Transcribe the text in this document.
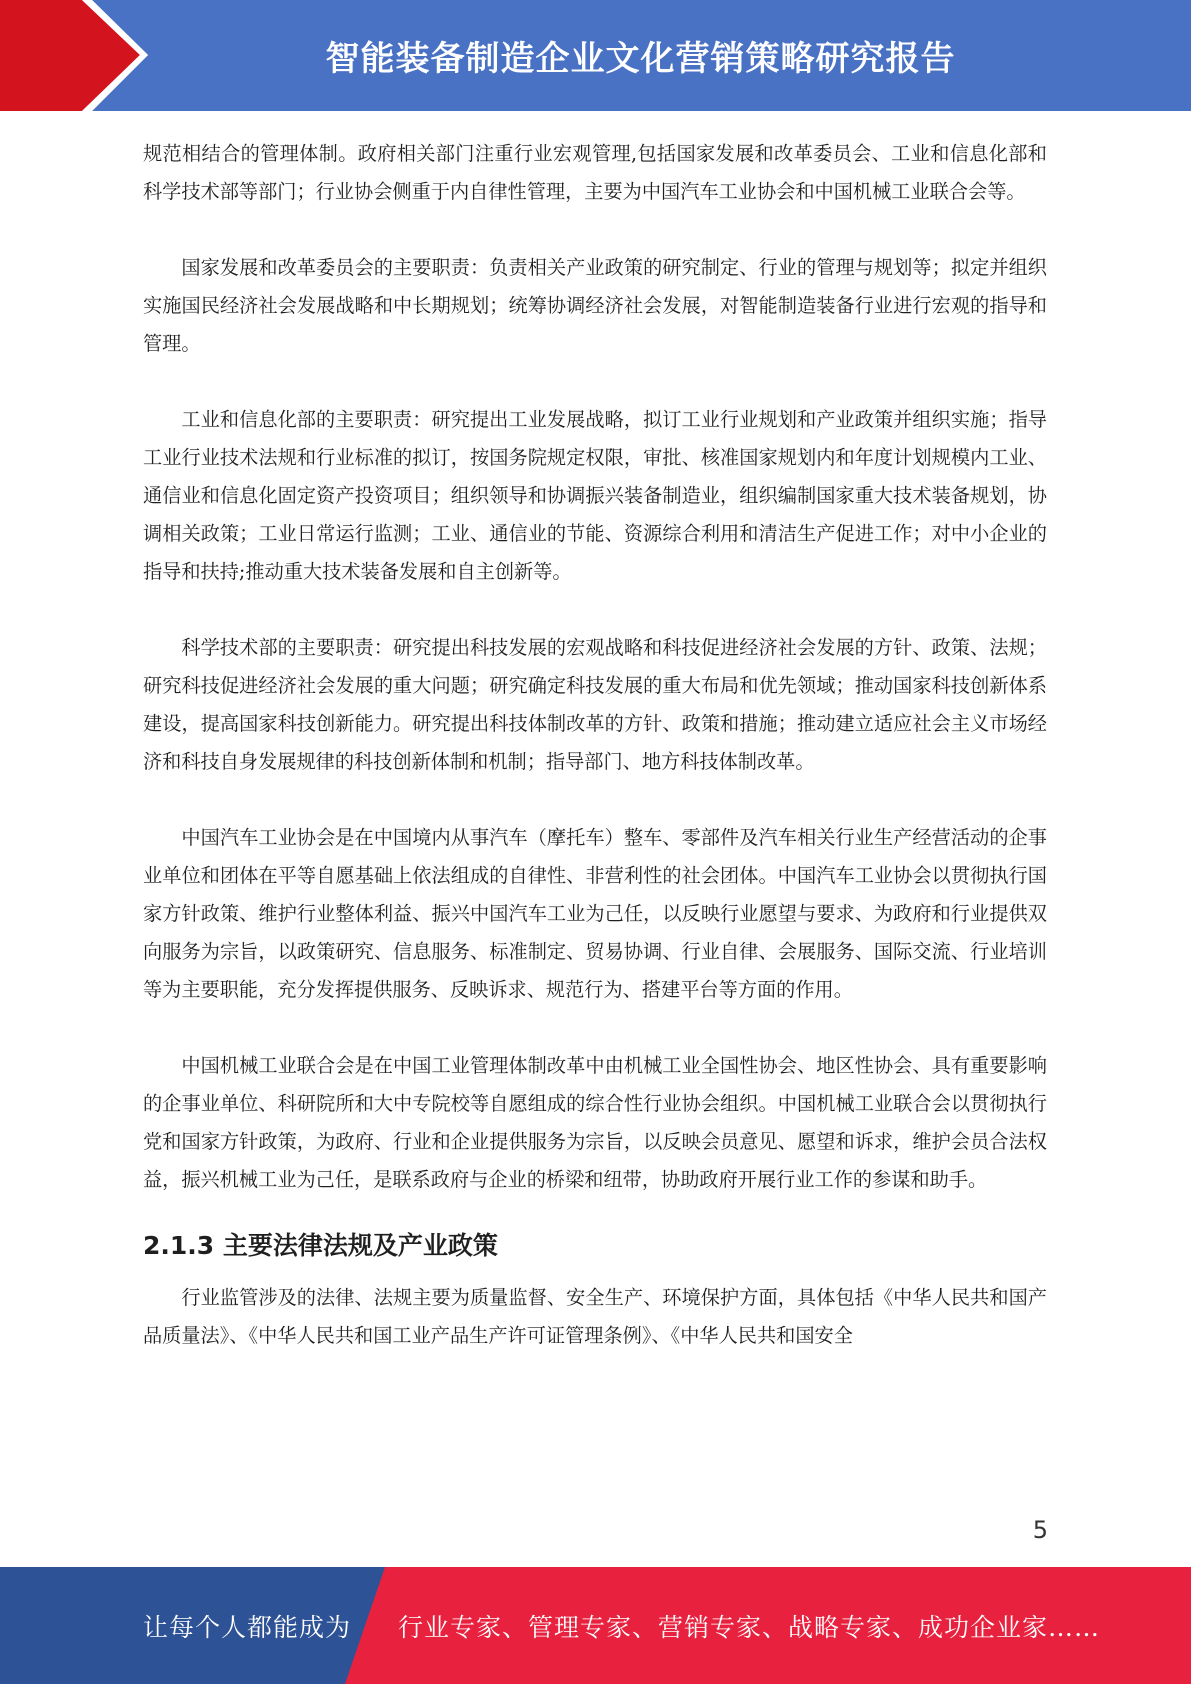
智能装备制造企业文化营销策略研究报告

规范相结合的管理体制。政府相关部门注重行业宏观管理,包括国家发展和改革委员会、工业和信息化部和科学技术部等部门；行业协会侧重于内自律性管理，主要为中国汽车工业协会和中国机械工业联合会等。

国家发展和改革委员会的主要职责：负责相关产业政策的研究制定、行业的管理与规划等；拟定并组织实施国民经济社会发展战略和中长期规划；统筹协调经济社会发展，对智能制造装备行业进行宏观的指导和管理。

工业和信息化部的主要职责：研究提出工业发展战略，拟订工业行业规划和产业政策并组织实施；指导工业行业技术法规和行业标准的拟订，按国务院规定权限，审批、核准国家规划内和年度计划规模内工业、通信业和信息化固定资产投资项目；组织领导和协调振兴装备制造业，组织编制国家重大技术装备规划，协调相关政策；工业日常运行监测；工业、通信业的节能、资源综合利用和清洁生产促进工作；对中小企业的指导和扶持;推动重大技术装备发展和自主创新等。

科学技术部的主要职责：研究提出科技发展的宏观战略和科技促进经济社会发展的方针、政策、法规；研究科技促进经济社会发展的重大问题；研究确定科技发展的重大布局和优先领域；推动国家科技创新体系建设，提高国家科技创新能力。研究提出科技体制改革的方针、政策和措施；推动建立适应社会主义市场经济和科技自身发展规律的科技创新体制和机制；指导部门、地方科技体制改革。

中国汽车工业协会是在中国境内从事汽车（摩托车）整车、零部件及汽车相关行业生产经营活动的企事业单位和团体在平等自愿基础上依法组成的自律性、非营利性的社会团体。中国汽车工业协会以贯彻执行国家方针政策、维护行业整体利益、振兴中国汽车工业为己任，以反映行业愿望与要求、为政府和行业提供双向服务为宗旨，以政策研究、信息服务、标准制定、贸易协调、行业自律、会展服务、国际交流、行业培训等为主要职能，充分发挥提供服务、反映诉求、规范行为、搭建平台等方面的作用。

中国机械工业联合会是在中国工业管理体制改革中由机械工业全国性协会、地区性协会、具有重要影响的企事业单位、科研院所和大中专院校等自愿组成的综合性行业协会组织。中国机械工业联合会以贯彻执行党和国家方针政策，为政府、行业和企业提供服务为宗旨，以反映会员意见、愿望和诉求，维护会员合法权益，振兴机械工业为己任，是联系政府与企业的桥梁和纽带，协助政府开展行业工作的参谋和助手。

2.1.3 主要法律法规及产业政策

行业监管涉及的法律、法规主要为质量监督、安全生产、环境保护方面，具体包括《中华人民共和国产品质量法》、《中华人民共和国工业产品生产许可证管理条例》、《中华人民共和国安全

5
让每个人都能成为 行业专家、管理专家、营销专家、战略专家、成功企业家……
